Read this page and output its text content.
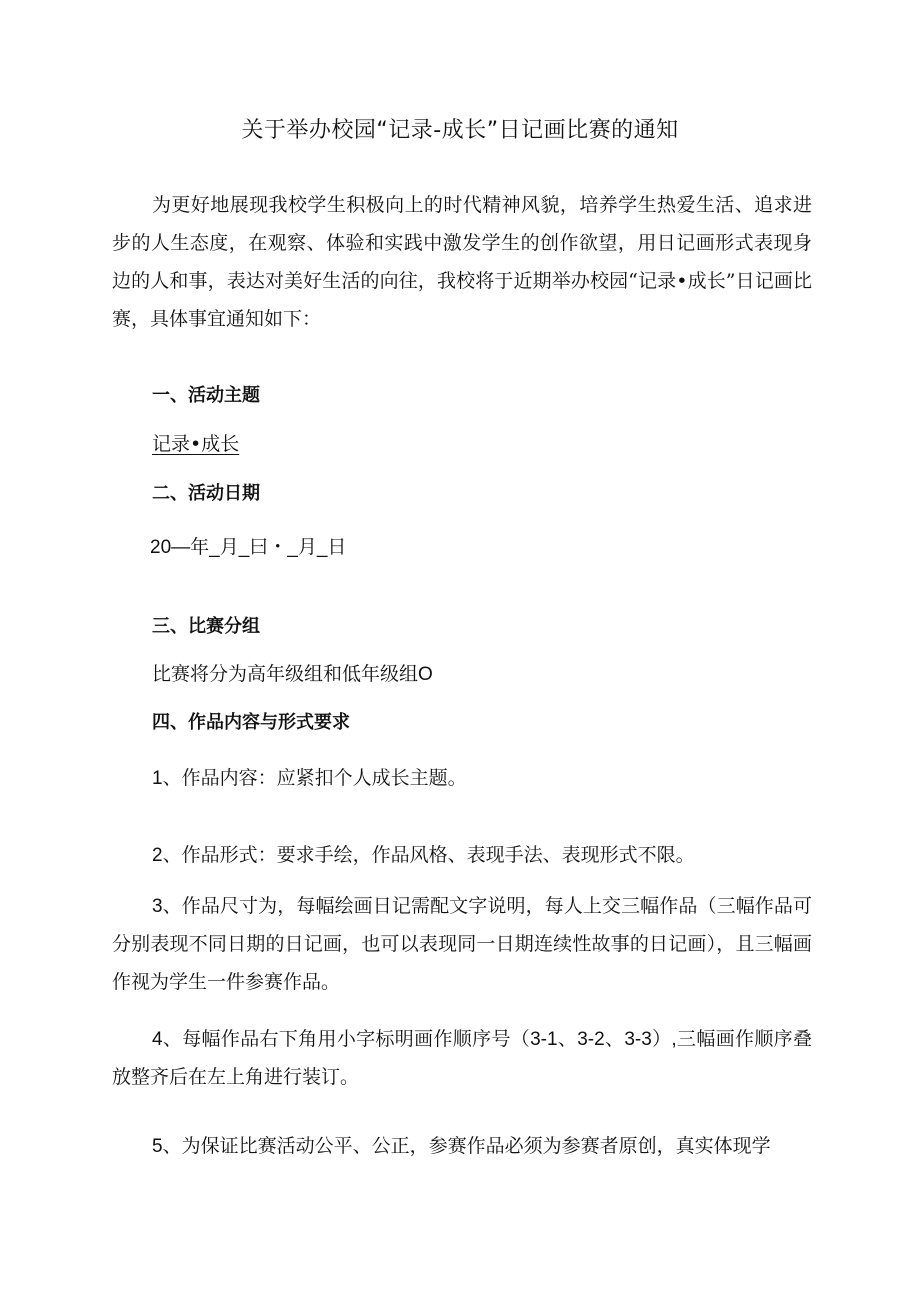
关于举办校园“记录-成长”日记画比赛的通知

为更好地展现我校学生积极向上的时代精神风貌，培养学生热爱生活、追求进步的人生态度，在观察、体验和实践中激发学生的创作欲望，用日记画形式表现身边的人和事，表达对美好生活的向往，我校将于近期举办校园“记录•成长”日记画比赛，具体事宜通知如下：

一、活动主题

记录•成长

二、活动日期

20—年_月_曰・_月_日

三、比赛分组

比赛将分为高年级组和低年级组O

四、作品内容与形式要求

1、作品内容：应紧扣个人成长主题。

2、作品形式：要求手绘，作品风格、表现手法、表现形式不限。

3、作品尺寸为，每幅绘画日记需配文字说明，每人上交三幅作品（三幅作品可分别表现不同日期的日记画，也可以表现同一日期连续性故事的日记画），且三幅画作视为学生一件参赛作品。

4、每幅作品右下角用小字标明画作顺序号（3-1、3-2、3-3）,三幅画作顺序叠放整齐后在左上角进行装订。

5、为保证比赛活动公平、公正，参赛作品必须为参赛者原创，真实体现学
